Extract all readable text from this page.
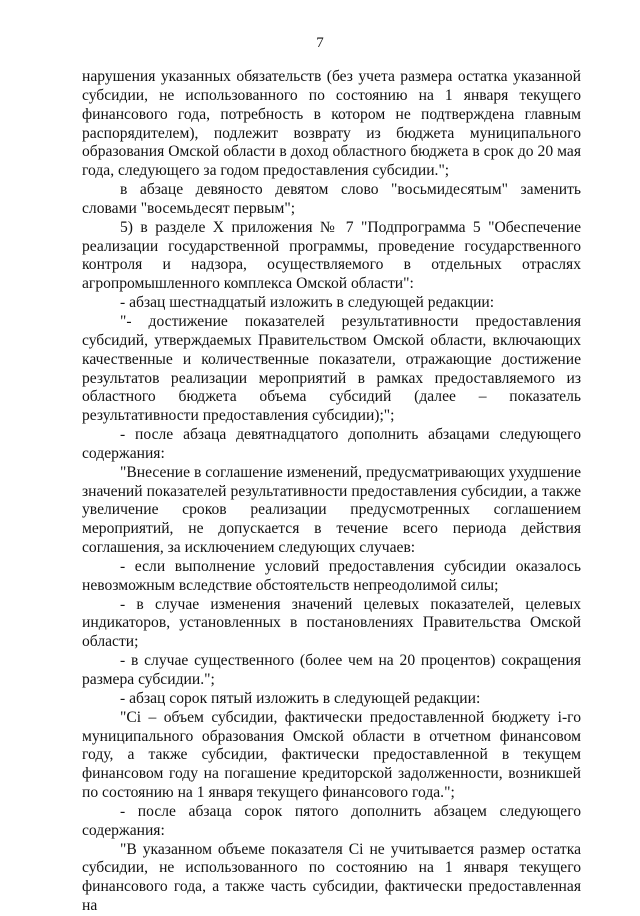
7

нарушения указанных обязательств (без учета размера остатка указанной субсидии, не использованного по состоянию на 1 января текущего финансового года, потребность в котором не подтверждена главным распорядителем), подлежит возврату из бюджета муниципального образования Омской области в доход областного бюджета в срок до 20 мая года, следующего за годом предоставления субсидии.";

в абзаце девяносто девятом слово "восьмидесятым" заменить словами "восемьдесят первым";

5) в разделе X приложения № 7 "Подпрограмма 5 "Обеспечение реализации государственной программы, проведение государственного контроля и надзора, осуществляемого в отдельных отраслях агропромышленного комплекса Омской области":

- абзац шестнадцатый изложить в следующей редакции:

"- достижение показателей результативности предоставления субсидий, утверждаемых Правительством Омской области, включающих качественные и количественные показатели, отражающие достижение результатов реализации мероприятий в рамках предоставляемого из областного бюджета объема субсидий (далее – показатель результативности предоставления субсидии);";

- после абзаца девятнадцатого дополнить абзацами следующего содержания:

"Внесение в соглашение изменений, предусматривающих ухудшение значений показателей результативности предоставления субсидии, а также увеличение сроков реализации предусмотренных соглашением мероприятий, не допускается в течение всего периода действия соглашения, за исключением следующих случаев:

- если выполнение условий предоставления субсидии оказалось невозможным вследствие обстоятельств непреодолимой силы;

- в случае изменения значений целевых показателей, целевых индикаторов, установленных в постановлениях Правительства Омской области;

- в случае существенного (более чем на 20 процентов) сокращения размера субсидии.";

- абзац сорок пятый изложить в следующей редакции:

"Ci – объем субсидии, фактически предоставленной бюджету i-го муниципального образования Омской области в отчетном финансовом году, а также субсидии, фактически предоставленной в текущем финансовом году на погашение кредиторской задолженности, возникшей по состоянию на 1 января текущего финансового года.";

- после абзаца сорок пятого дополнить абзацем следующего содержания:

"В указанном объеме показателя Ci не учитывается размер остатка субсидии, не использованного по состоянию на 1 января текущего финансового года, а также часть субсидии, фактически предоставленная на
